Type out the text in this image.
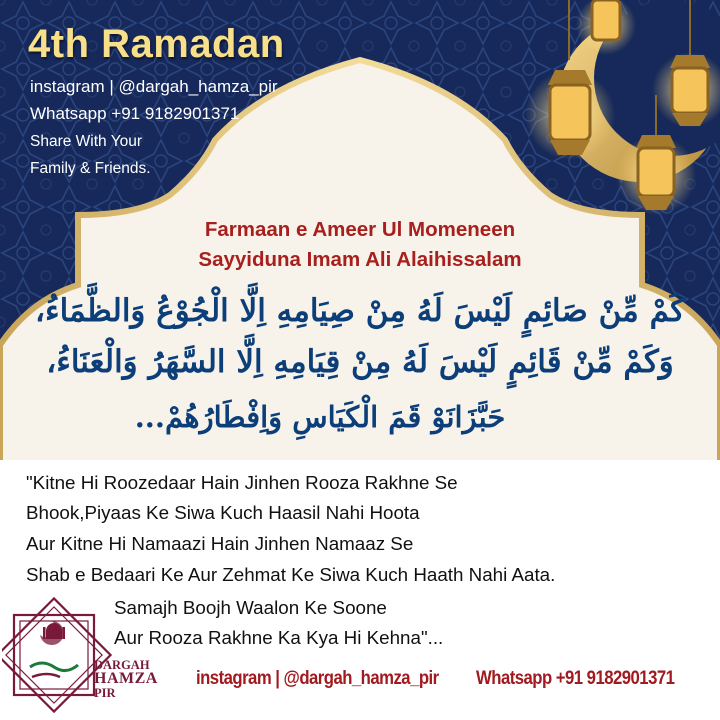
4th Ramadan
instagram | @dargah_hamza_pir
Whatsapp +91 9182901371
Share With Your
Family & Friends.
Farmaan e Ameer Ul Momeneen
Sayyiduna Imam Ali Alaihissalam
كَمْ مِّنْ صَائِمٍ لَيْسَ لَهُ مِنْ صِيَامِهِ اِلَّا الْجُوْعُ وَالظَّمَاءُ،
وَكَمْ مِّنْ قَائِمٍ لَيْسَ لَهُ مِنْ قِيَامِهِ اِلَّا السَّهَرُ وَالْعَنَاءُ،
حَبَّزَانَوْ قَمَ الْكَيَاسِ وَاِفْطَارُهُمْ...
"Kitne Hi Roozedaar Hain Jinhen Rooza Rakhne Se
Bhook,Piyaas Ke Siwa Kuch Haasil Nahi Hoota
Aur Kitne Hi Namaazi Hain Jinhen Namaaz Se
Shab e Bedaari Ke Aur Zehmat Ke Siwa Kuch Haath Nahi Aata.
Samajh Boojh Waalon Ke Soone
Aur Rooza Rakhne Ka Kya Hi Kehna"...
DARGAH
HAMZA
PIR
instagram | @dargah_hamza_pir Whatsapp +91 9182901371
